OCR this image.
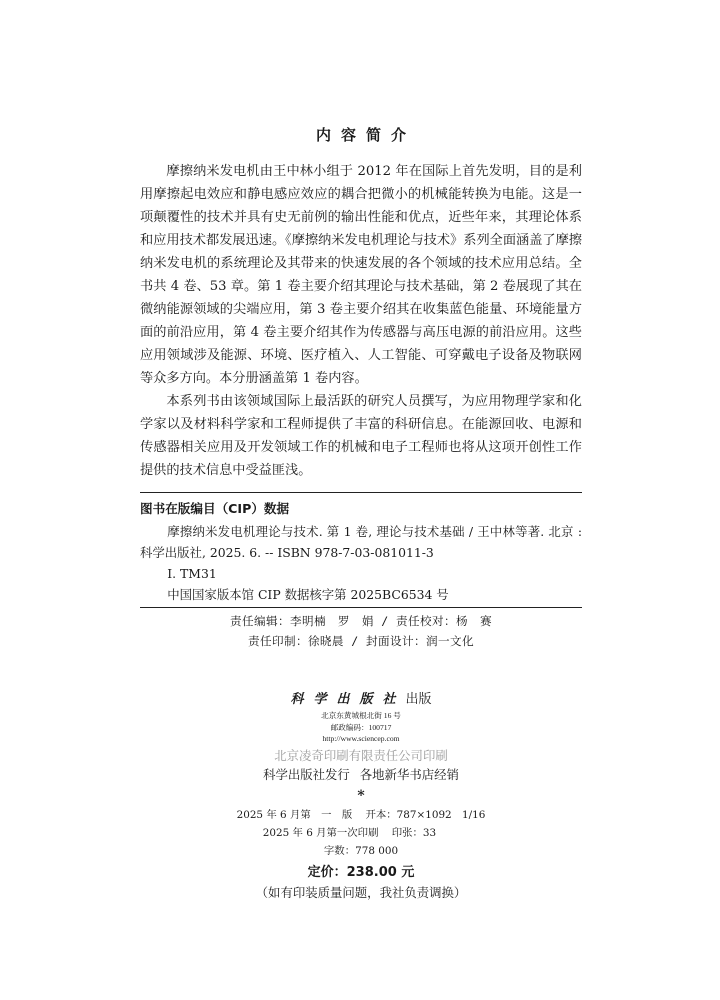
内容简介

摩擦纳米发电机由王中林小组于 2012 年在国际上首先发明，目的是利用摩擦起电效应和静电感应效应的耦合把微小的机械能转换为电能。这是一项颠覆性的技术并具有史无前例的输出性能和优点，近些年来，其理论体系和应用技术都发展迅速。《摩擦纳米发电机理论与技术》系列全面涵盖了摩擦纳米发电机的系统理论及其带来的快速发展的各个领域的技术应用总结。全书共 4 卷、53 章。第 1 卷主要介绍其理论与技术基础，第 2 卷展现了其在微纳能源领域的尖端应用，第 3 卷主要介绍其在收集蓝色能量、环境能量方面的前沿应用，第 4 卷主要介绍其作为传感器与高压电源的前沿应用。这些应用领域涉及能源、环境、医疗植入、人工智能、可穿戴电子设备及物联网等众多方向。本分册涵盖第 1 卷内容。

本系列书由该领域国际上最活跃的研究人员撰写，为应用物理学家和化学家以及材料科学家和工程师提供了丰富的科研信息。在能源回收、电源和传感器相关应用及开发领域工作的机械和电子工程师也将从这项开创性工作提供的技术信息中受益匪浅。

图书在版编目（CIP）数据
摩擦纳米发电机理论与技术. 第 1 卷, 理论与技术基础 / 王中林等著. 北京 : 科学出版社, 2025. 6. -- ISBN 978-7-03-081011-3
Ⅰ. TM31
中国国家版本馆 CIP 数据核字第 2025BC6534 号
责任编辑：李明楠　罗　娟 / 责任校对：杨　赛
责任印制：徐晓晨 / 封面设计：润一文化
科学出版社出版
北京东黄城根北街 16 号
邮政编码：100717
http://www.sciencep.com
北京凌奇印刷有限责任公司印刷
科学出版社发行 各地新华书店经销
*
2025 年 6 月第　一　版 开本：787×1092　1/16
2025 年 6 月第一次印刷 印张：33
字数：778 000
定价：238.00 元
（如有印装质量问题，我社负责调换）
